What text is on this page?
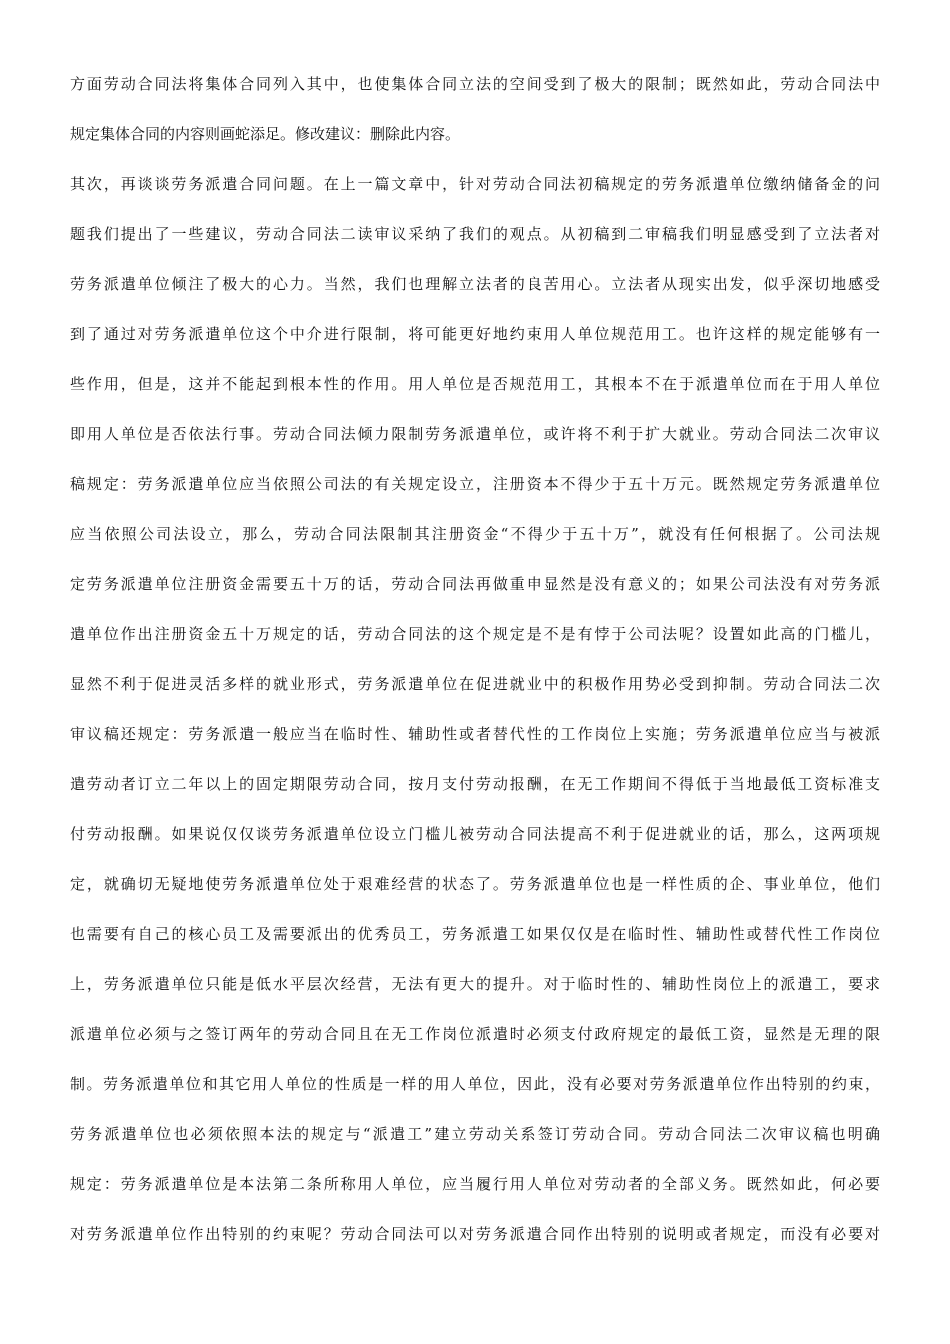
方面劳动合同法将集体合同列入其中，也使集体合同立法的空间受到了极大的限制；既然如此，劳动合同法中
规定集体合同的内容则画蛇添足。修改建议：删除此内容。
其次，再谈谈劳务派遣合同问题。在上一篇文章中，针对劳动合同法初稿规定的劳务派遣单位缴纳储备金的问
题我们提出了一些建议，劳动合同法二读审议采纳了我们的观点。从初稿到二审稿我们明显感受到了立法者对
劳务派遣单位倾注了极大的心力。当然，我们也理解立法者的良苦用心。立法者从现实出发，似乎深切地感受
到了通过对劳务派遣单位这个中介进行限制，将可能更好地约束用人单位规范用工。也许这样的规定能够有一
些作用，但是，这并不能起到根本性的作用。用人单位是否规范用工，其根本不在于派遣单位而在于用人单位
即用人单位是否依法行事。劳动合同法倾力限制劳务派遣单位，或许将不利于扩大就业。劳动合同法二次审议
稿规定：劳务派遣单位应当依照公司法的有关规定设立，注册资本不得少于五十万元。既然规定劳务派遣单位
应当依照公司法设立，那么，劳动合同法限制其注册资金“不得少于五十万”，就没有任何根据了。公司法规
定劳务派遣单位注册资金需要五十万的话，劳动合同法再做重申显然是没有意义的；如果公司法没有对劳务派
遣单位作出注册资金五十万规定的话，劳动合同法的这个规定是不是有悖于公司法呢？设置如此高的门槛儿，
显然不利于促进灵活多样的就业形式，劳务派遣单位在促进就业中的积极作用势必受到抑制。劳动合同法二次
审议稿还规定：劳务派遣一般应当在临时性、辅助性或者替代性的工作岗位上实施；劳务派遣单位应当与被派
遣劳动者订立二年以上的固定期限劳动合同，按月支付劳动报酬，在无工作期间不得低于当地最低工资标准支
付劳动报酬。如果说仅仅谈劳务派遣单位设立门槛儿被劳动合同法提高不利于促进就业的话，那么，这两项规
定，就确切无疑地使劳务派遣单位处于艰难经营的状态了。劳务派遣单位也是一样性质的企、事业单位，他们
也需要有自己的核心员工及需要派出的优秀员工，劳务派遣工如果仅仅是在临时性、辅助性或替代性工作岗位
上，劳务派遣单位只能是低水平层次经营，无法有更大的提升。对于临时性的、辅助性岗位上的派遣工，要求
派遣单位必须与之签订两年的劳动合同且在无工作岗位派遣时必须支付政府规定的最低工资，显然是无理的限
制。劳务派遣单位和其它用人单位的性质是一样的用人单位，因此，没有必要对劳务派遣单位作出特别的约束，
劳务派遣单位也必须依照本法的规定与“派遣工”建立劳动关系签订劳动合同。劳动合同法二次审议稿也明确
规定：劳务派遣单位是本法第二条所称用人单位，应当履行用人单位对劳动者的全部义务。既然如此，何必要
对劳务派遣单位作出特别的约束呢？劳动合同法可以对劳务派遣合同作出特别的说明或者规定，而没有必要对
